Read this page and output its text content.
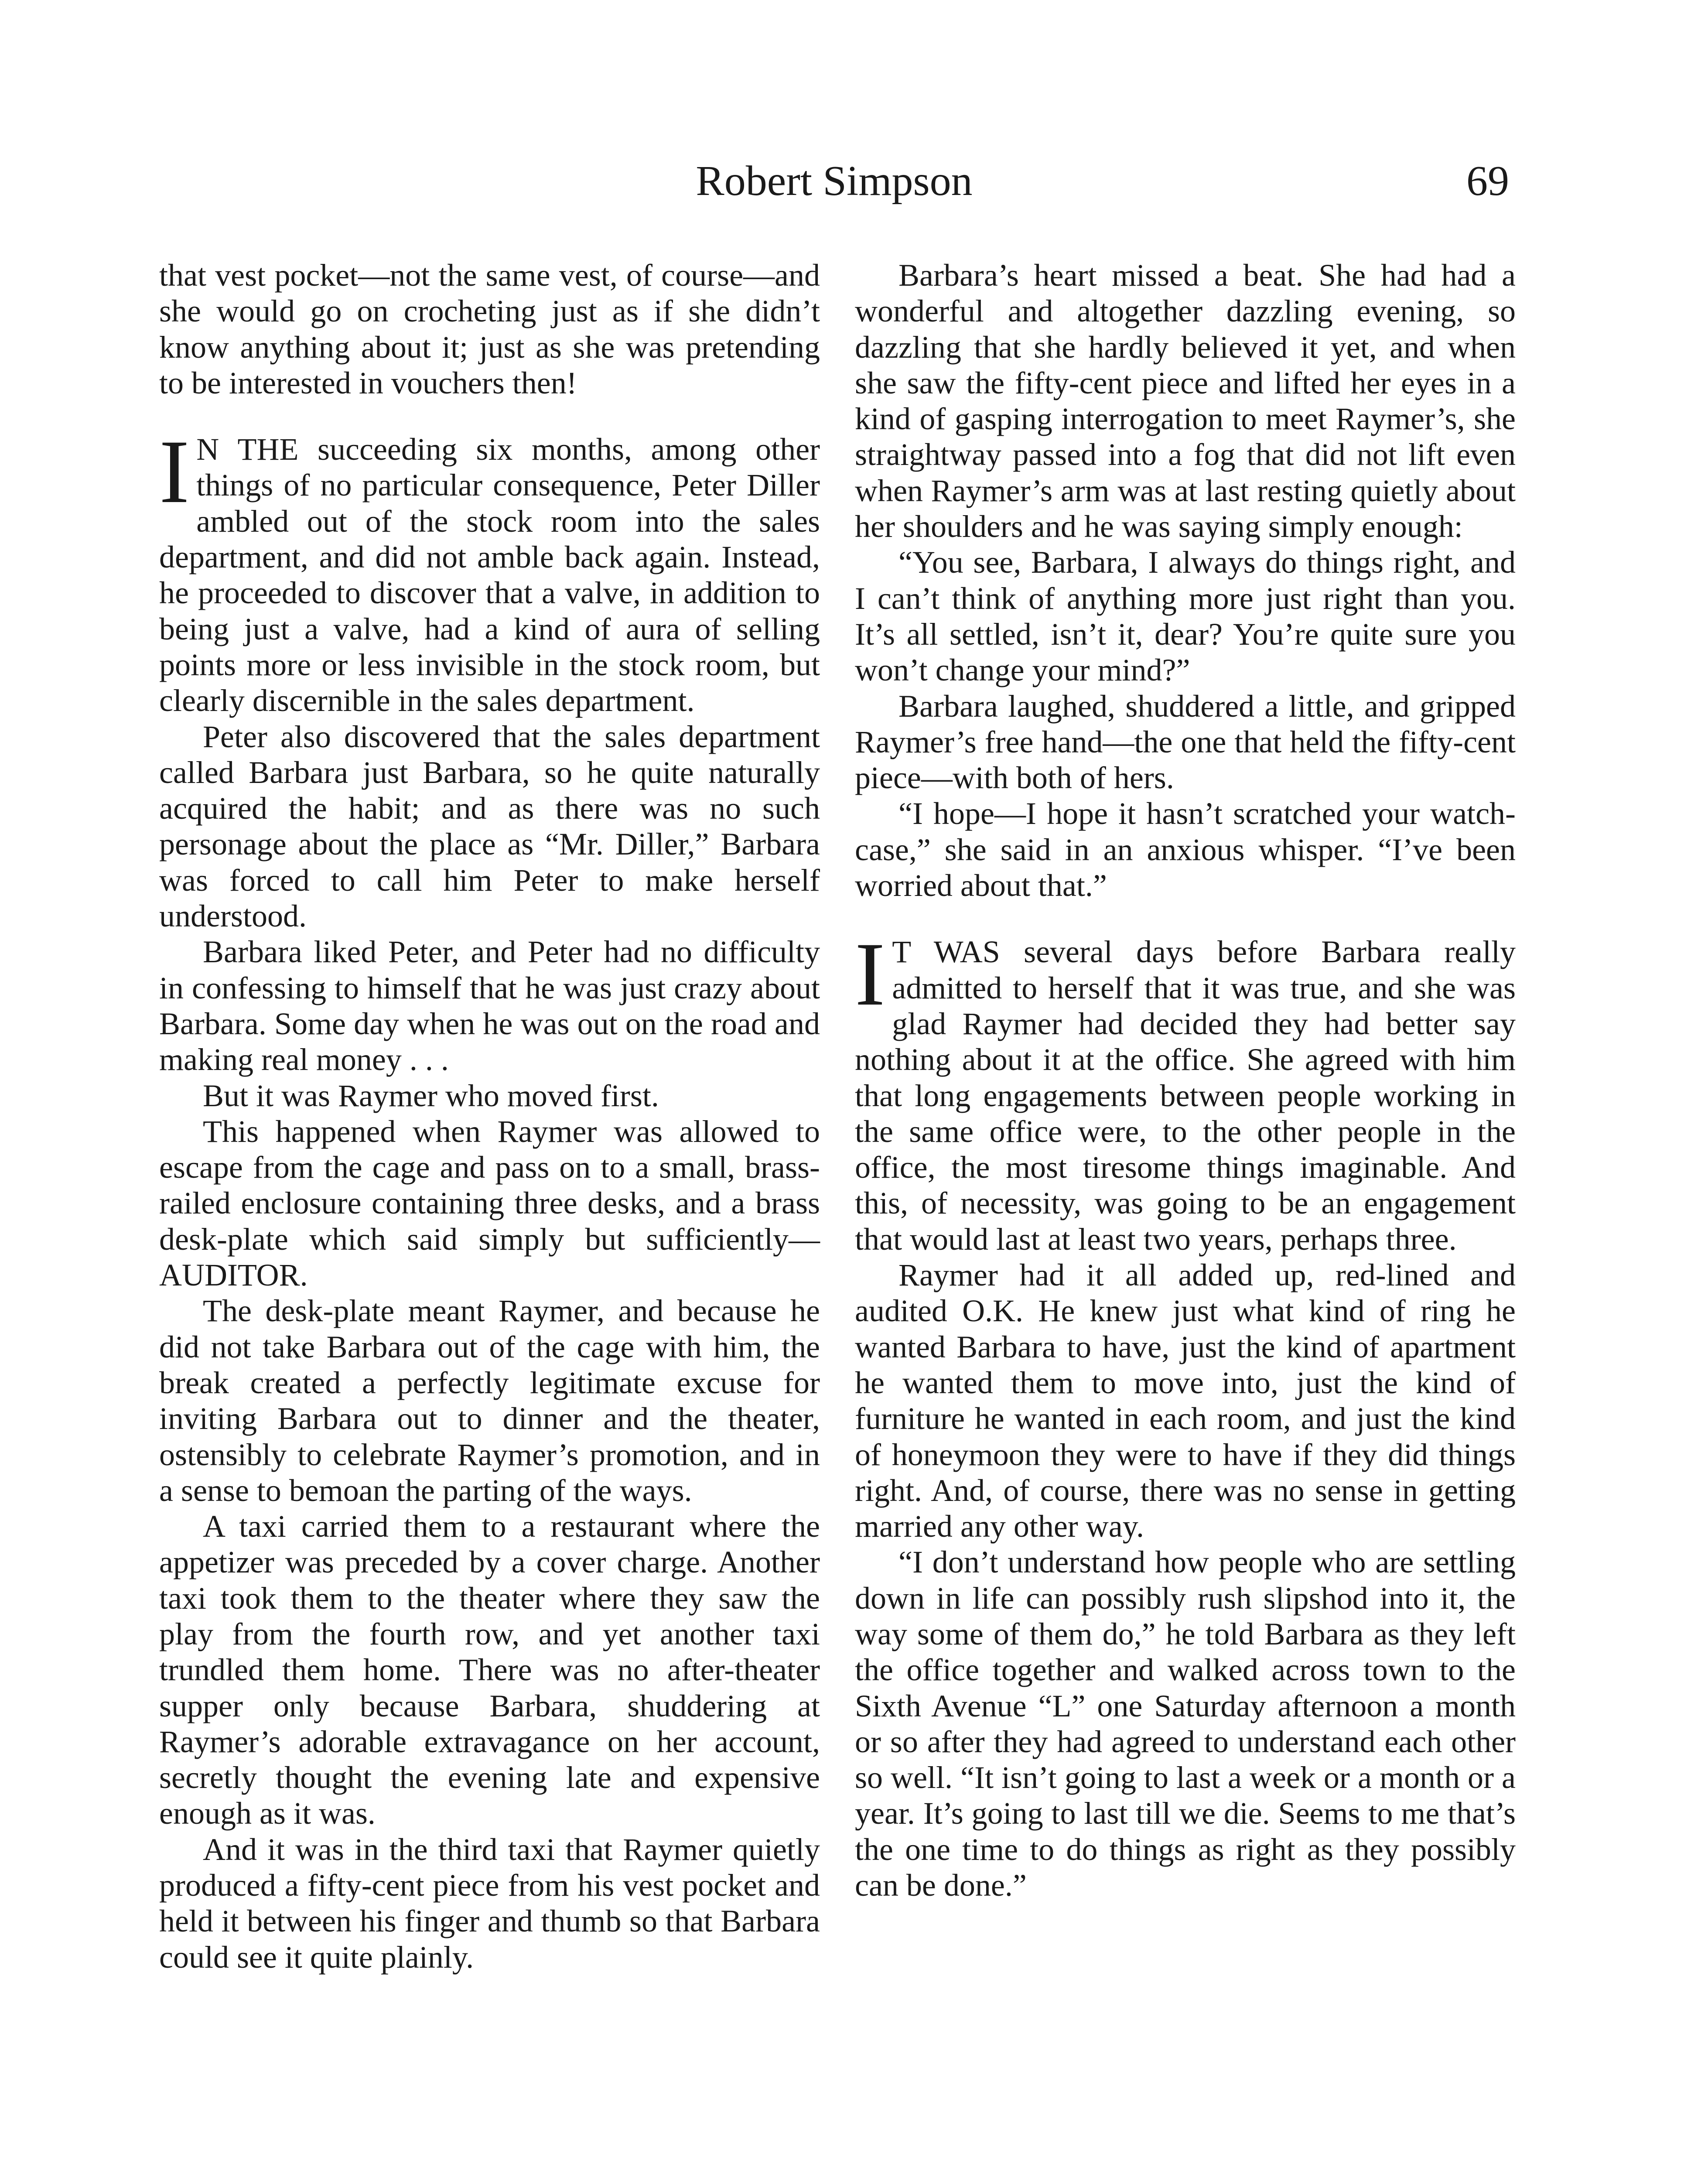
Robert Simpson	69

that vest pocket—not the same vest, of course—and she would go on crocheting just as if she didn’t know anything about it; just as she was pretending to be interested in vouchers then!

IN THE succeeding six months, among other things of no particular consequence, Peter Diller ambled out of the stock room into the sales department, and did not amble back again. Instead, he proceeded to discover that a valve, in addition to being just a valve, had a kind of aura of selling points more or less invisible in the stock room, but clearly discernible in the sales department.

Peter also discovered that the sales department called Barbara just Barbara, so he quite naturally acquired the habit; and as there was no such personage about the place as “Mr. Diller,” Barbara was forced to call him Peter to make herself understood.

Barbara liked Peter, and Peter had no difficulty in confessing to himself that he was just crazy about Barbara. Some day when he was out on the road and making real money . . .

But it was Raymer who moved first.

This happened when Raymer was allowed to escape from the cage and pass on to a small, brass-railed enclosure containing three desks, and a brass desk-plate which said simply but sufficiently—AUDITOR.

The desk-plate meant Raymer, and because he did not take Barbara out of the cage with him, the break created a perfectly legitimate excuse for inviting Barbara out to dinner and the theater, ostensibly to celebrate Raymer’s promotion, and in a sense to bemoan the parting of the ways.

A taxi carried them to a restaurant where the appetizer was preceded by a cover charge. Another taxi took them to the theater where they saw the play from the fourth row, and yet another taxi trundled them home. There was no after-theater supper only because Barbara, shuddering at Raymer’s adorable extravagance on her account, secretly thought the evening late and expensive enough as it was.

And it was in the third taxi that Raymer quietly produced a fifty-cent piece from his vest pocket and held it between his finger and thumb so that Barbara could see it quite plainly.

Barbara’s heart missed a beat. She had had a wonderful and altogether dazzling evening, so dazzling that she hardly believed it yet, and when she saw the fifty-cent piece and lifted her eyes in a kind of gasping interrogation to meet Raymer’s, she straightway passed into a fog that did not lift even when Raymer’s arm was at last resting quietly about her shoulders and he was saying simply enough:

“You see, Barbara, I always do things right, and I can’t think of anything more just right than you. It’s all settled, isn’t it, dear? You’re quite sure you won’t change your mind?”

Barbara laughed, shuddered a little, and gripped Raymer’s free hand—the one that held the fifty-cent piece—with both of hers.

“I hope—I hope it hasn’t scratched your watch-case,” she said in an anxious whisper. “I’ve been worried about that.”

IT WAS several days before Barbara really admitted to herself that it was true, and she was glad Raymer had decided they had better say nothing about it at the office. She agreed with him that long engagements between people working in the same office were, to the other people in the office, the most tiresome things imaginable. And this, of necessity, was going to be an engagement that would last at least two years, perhaps three.

Raymer had it all added up, red-lined and audited O.K. He knew just what kind of ring he wanted Barbara to have, just the kind of apartment he wanted them to move into, just the kind of furniture he wanted in each room, and just the kind of honeymoon they were to have if they did things right. And, of course, there was no sense in getting married any other way.

“I don’t understand how people who are settling down in life can possibly rush slipshod into it, the way some of them do,” he told Barbara as they left the office together and walked across town to the Sixth Avenue “L” one Saturday afternoon a month or so after they had agreed to understand each other so well. “It isn’t going to last a week or a month or a year. It’s going to last till we die. Seems to me that’s the one time to do things as right as they possibly can be done.”
